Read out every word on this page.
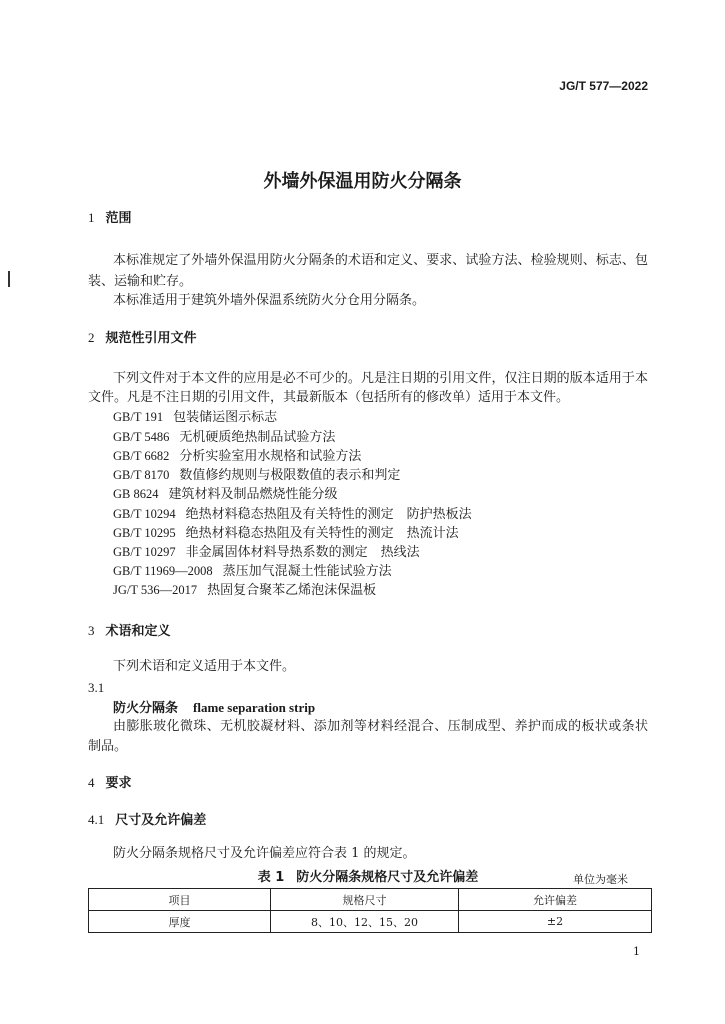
JG/T 577—2022
外墙外保温用防火分隔条
1 范围
本标准规定了外墙外保温用防火分隔条的术语和定义、要求、试验方法、检验规则、标志、包
装、运输和贮存。
本标准适用于建筑外墙外保温系统防火分仓用分隔条。
2 规范性引用文件
下列文件对于本文件的应用是必不可少的。凡是注日期的引用文件，仅注日期的版本适用于本
文件。凡是不注日期的引用文件，其最新版本（包括所有的修改单）适用于本文件。
GB/T 191 包装储运图示标志
GB/T 5486 无机硬质绝热制品试验方法
GB/T 6682 分析实验室用水规格和试验方法
GB/T 8170 数值修约规则与极限数值的表示和判定
GB 8624 建筑材料及制品燃烧性能分级
GB/T 10294 绝热材料稳态热阻及有关特性的测定　防护热板法
GB/T 10295 绝热材料稳态热阻及有关特性的测定　热流计法
GB/T 10297 非金属固体材料导热系数的测定　热线法
GB/T 11969—2008 蒸压加气混凝土性能试验方法
JG/T 536—2017 热固复合聚苯乙烯泡沫保温板
3 术语和定义
下列术语和定义适用于本文件。
3.1
防火分隔条 flame separation strip
由膨胀玻化微珠、无机胶凝材料、添加剂等材料经混合、压制成型、养护而成的板状或条状
制品。
4 要求
4.1 尺寸及允许偏差
防火分隔条规格尺寸及允许偏差应符合表 1 的规定。
表 1 防火分隔条规格尺寸及允许偏差	单位为毫米
项目	规格尺寸	允许偏差
厚度	8、10、12、15、20	±2
1
